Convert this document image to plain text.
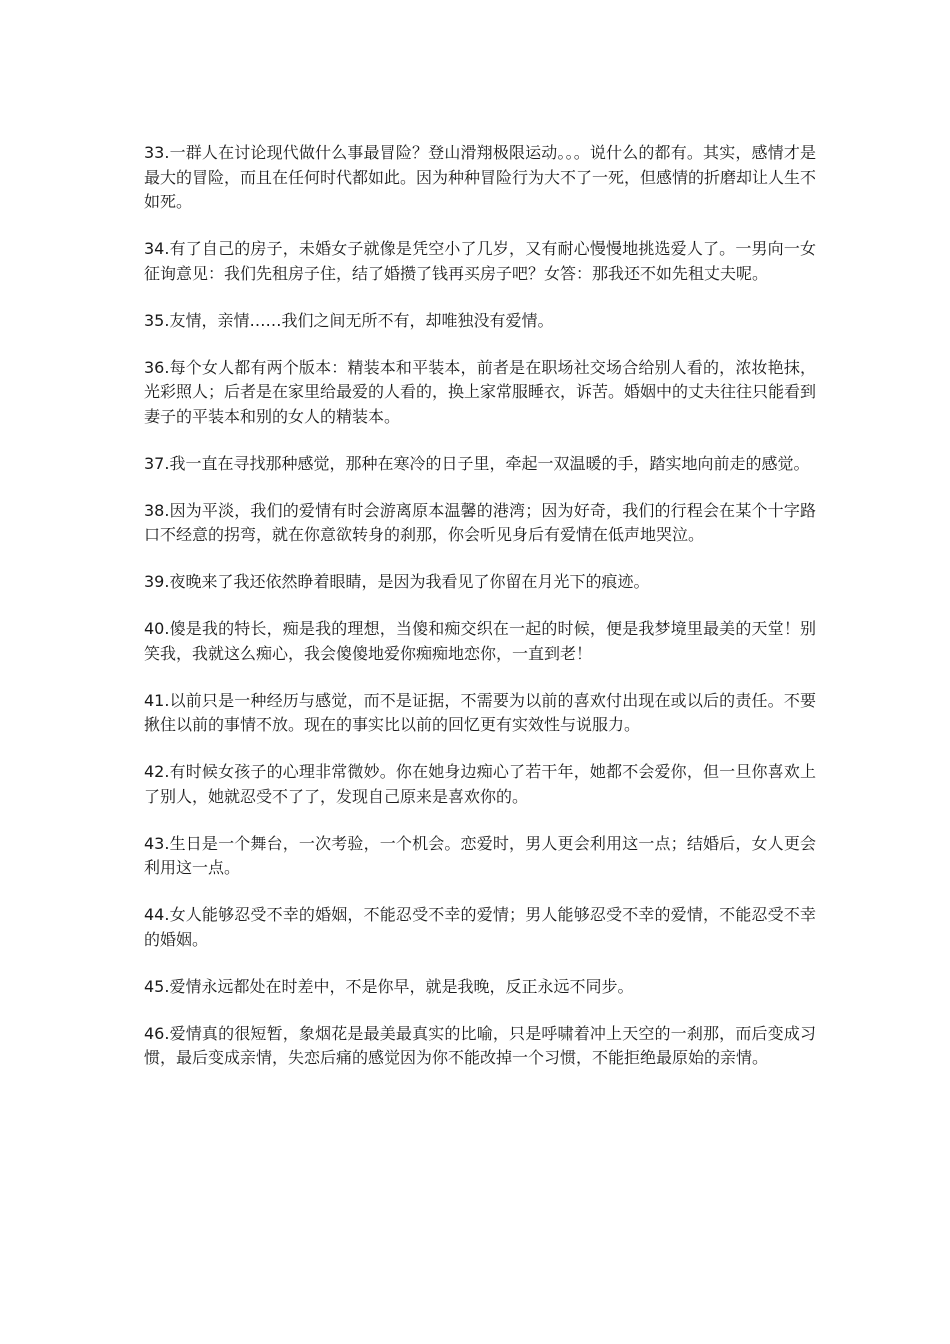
33.一群人在讨论现代做什么事最冒险？登山滑翔极限运动。。。说什么的都有。其实，感情才是最大的冒险，而且在任何时代都如此。因为种种冒险行为大不了一死，但感情的折磨却让人生不如死。

34.有了自己的房子，未婚女子就像是凭空小了几岁，又有耐心慢慢地挑选爱人了。一男向一女征询意见：我们先租房子住，结了婚攒了钱再买房子吧？女答：那我还不如先租丈夫呢。

35.友情，亲情……我们之间无所不有，却唯独没有爱情。

36.每个女人都有两个版本：精装本和平装本，前者是在职场社交场合给别人看的，浓妆艳抹，光彩照人；后者是在家里给最爱的人看的，换上家常服睡衣，诉苦。婚姻中的丈夫往往只能看到妻子的平装本和别的女人的精装本。

37.我一直在寻找那种感觉，那种在寒冷的日子里，牵起一双温暖的手，踏实地向前走的感觉。

38.因为平淡，我们的爱情有时会游离原本温馨的港湾；因为好奇，我们的行程会在某个十字路口不经意的拐弯，就在你意欲转身的刹那，你会听见身后有爱情在低声地哭泣。

39.夜晚来了我还依然睁着眼睛，是因为我看见了你留在月光下的痕迹。

40.傻是我的特长，痴是我的理想，当傻和痴交织在一起的时候，便是我梦境里最美的天堂！别笑我，我就这么痴心，我会傻傻地爱你痴痴地恋你，一直到老！

41.以前只是一种经历与感觉，而不是证据，不需要为以前的喜欢付出现在或以后的责任。不要揪住以前的事情不放。现在的事实比以前的回忆更有实效性与说服力。

42.有时候女孩子的心理非常微妙。你在她身边痴心了若干年，她都不会爱你，但一旦你喜欢上了别人，她就忍受不了了，发现自己原来是喜欢你的。

43.生日是一个舞台，一次考验，一个机会。恋爱时，男人更会利用这一点；结婚后，女人更会利用这一点。

44.女人能够忍受不幸的婚姻，不能忍受不幸的爱情；男人能够忍受不幸的爱情，不能忍受不幸的婚姻。

45.爱情永远都处在时差中，不是你早，就是我晚，反正永远不同步。

46.爱情真的很短暂，象烟花是最美最真实的比喻，只是呼啸着冲上天空的一刹那，而后变成习惯，最后变成亲情，失恋后痛的感觉因为你不能改掉一个习惯，不能拒绝最原始的亲情。
